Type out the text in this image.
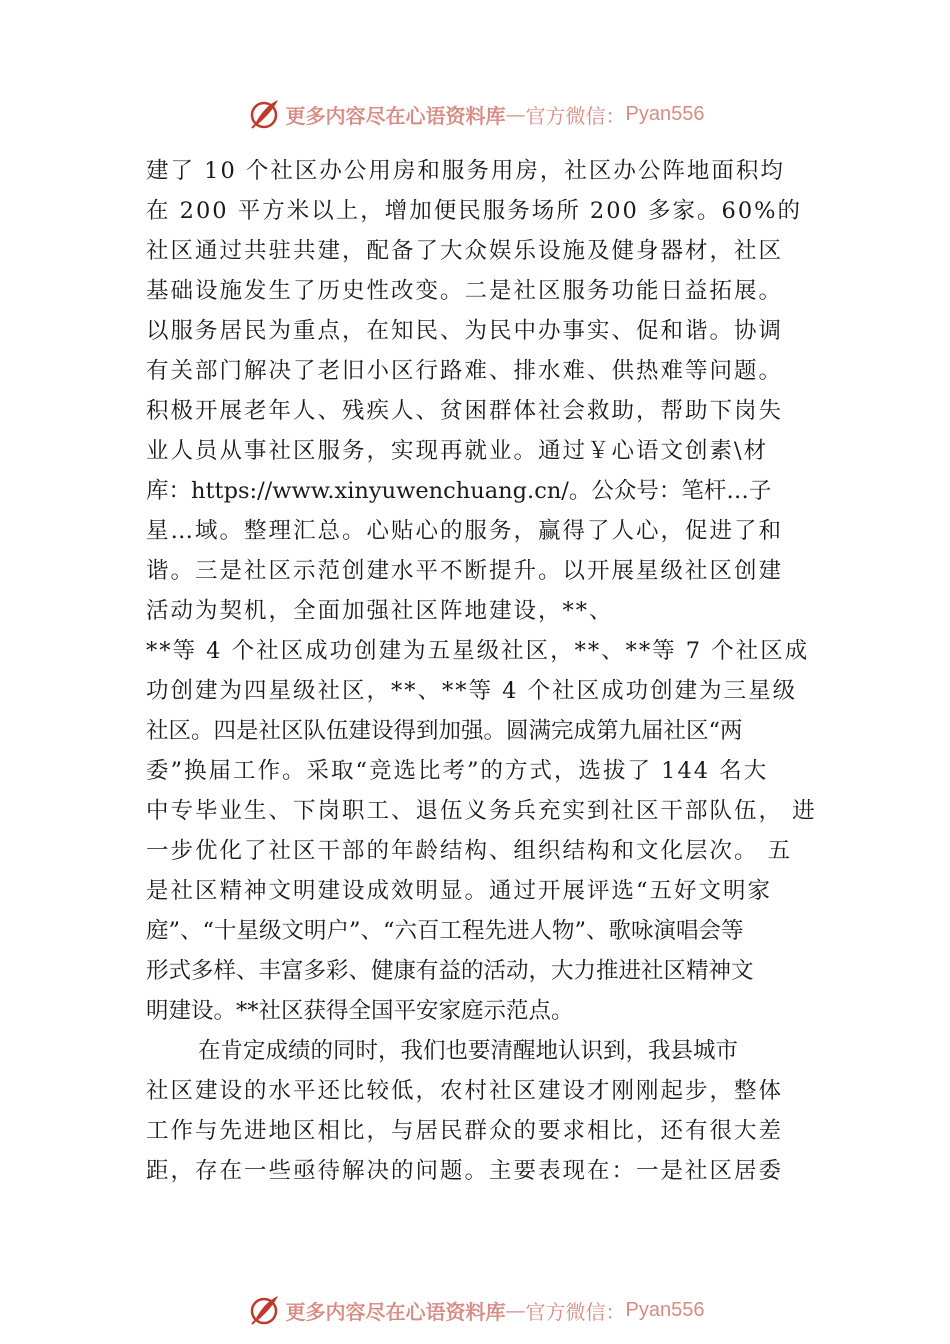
更多内容尽在心语资料库 — 官方微信： Pyan556
建了 10 个社区办公用房和服务用房，社区办公阵地面积均
在 200 平方米以上，增加便民服务场所 200 多家。60%的
社区通过共驻共建，配备了大众娱乐设施及健身器材，社区
基础设施发生了历史性改变。二是社区服务功能日益拓展。
以服务居民为重点，在知民、为民中办事实、促和谐。协调
有关部门解决了老旧小区行路难、排水难、供热难等问题。
积极开展老年人、残疾人、贫困群体社会救助，帮助下岗失
业人员从事社区服务，实现再就业。通过￥心语文创素\材
库：https://www.xinyuwenchuang.cn/。公众号：笔杆…子
星…域。整理汇总。心贴心的服务，赢得了人心，促进了和
谐。三是社区示范创建水平不断提升。以开展星级社区创建
活动为契机，全面加强社区阵地建设，**、
**等 4 个社区成功创建为五星级社区，**、**等 7 个社区成
功创建为四星级社区，**、**等 4 个社区成功创建为三星级
社区。四是社区队伍建设得到加强。圆满完成第九届社区“两
委”换届工作。采取“竞选比考”的方式，选拔了 144 名大
中专毕业生、下岗职工、退伍义务兵充实到社区干部队伍， 进
一步优化了社区干部的年龄结构、组织结构和文化层次。 五
是社区精神文明建设成效明显。通过开展评选“五好文明家
庭”、“十星级文明户”、“六百工程先进人物”、歌咏演唱会等
形式多样、丰富多彩、健康有益的活动，大力推进社区精神文
明建设。**社区获得全国平安家庭示范点。
在肯定成绩的同时，我们也要清醒地认识到，我县城市
社区建设的水平还比较低，农村社区建设才刚刚起步，整体
工作与先进地区相比，与居民群众的要求相比，还有很大差
距，存在一些亟待解决的问题。主要表现在：一是社区居委
更多内容尽在心语资料库 — 官方微信： Pyan556
